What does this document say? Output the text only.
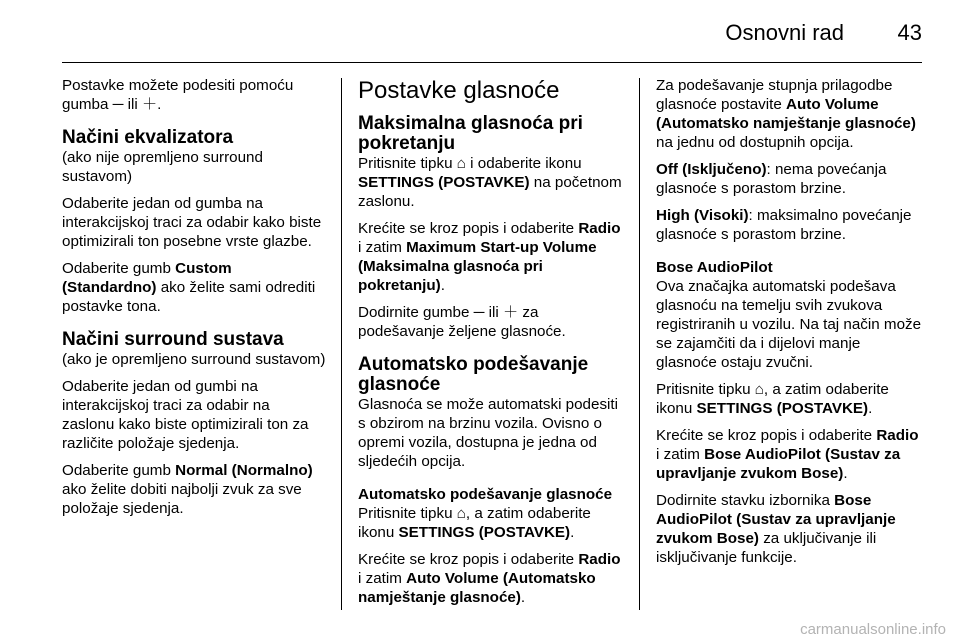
Osnovni rad 43

Postavke možete podesiti pomoću gumba ─ ili ＋.

Načini ekvalizatora

(ako nije opremljeno surround sustavom)

Odaberite jedan od gumba na interakcijskoj traci za odabir kako biste optimizirali ton posebne vrste glazbe.

Odaberite gumb Custom (Standardno) ako želite sami odrediti postavke tona.

Načini surround sustava

(ako je opremljeno surround sustavom)

Odaberite jedan od gumbi na interakcijskoj traci za odabir na zaslonu kako biste optimizirali ton za različite položaje sjedenja.

Odaberite gumb Normal (Normalno) ako želite dobiti najbolji zvuk za sve položaje sjedenja.

Postavke glasnoće
Maksimalna glasnoća pri pokretanju

Pritisnite tipku ⌂ i odaberite ikonu SETTINGS (POSTAVKE) na početnom zaslonu.

Krećite se kroz popis i odaberite Radio i zatim Maximum Start-up Volume (Maksimalna glasnoća pri pokretanju).

Dodirnite gumbe ─ ili ＋ za podešavanje željene glasnoće.

Automatsko podešavanje glasnoće

Glasnoća se može automatski podesiti s obzirom na brzinu vozila. Ovisno o opremi vozila, dostupna je jedna od sljedećih opcija.

Automatsko podešavanje glasnoće

Pritisnite tipku ⌂, a zatim odaberite ikonu SETTINGS (POSTAVKE).

Krećite se kroz popis i odaberite Radio i zatim Auto Volume (Automatsko namještanje glasnoće).

Za podešavanje stupnja prilagodbe glasnoće postavite Auto Volume (Automatsko namještanje glasnoće) na jednu od dostupnih opcija.

Off (Isključeno): nema povećanja glasnoće s porastom brzine.

High (Visoki): maksimalno povećanje glasnoće s porastom brzine.

Bose AudioPilot

Ova značajka automatski podešava glasnoću na temelju svih zvukova registriranih u vozilu. Na taj način može se zajamčiti da i dijelovi manje glasnoće ostaju zvučni.

Pritisnite tipku ⌂, a zatim odaberite ikonu SETTINGS (POSTAVKE).

Krećite se kroz popis i odaberite Radio i zatim Bose AudioPilot (Sustav za upravljanje zvukom Bose).

Dodirnite stavku izbornika Bose AudioPilot (Sustav za upravljanje zvukom Bose) za uključivanje ili isključivanje funkcije.

carmanualsonline.info
